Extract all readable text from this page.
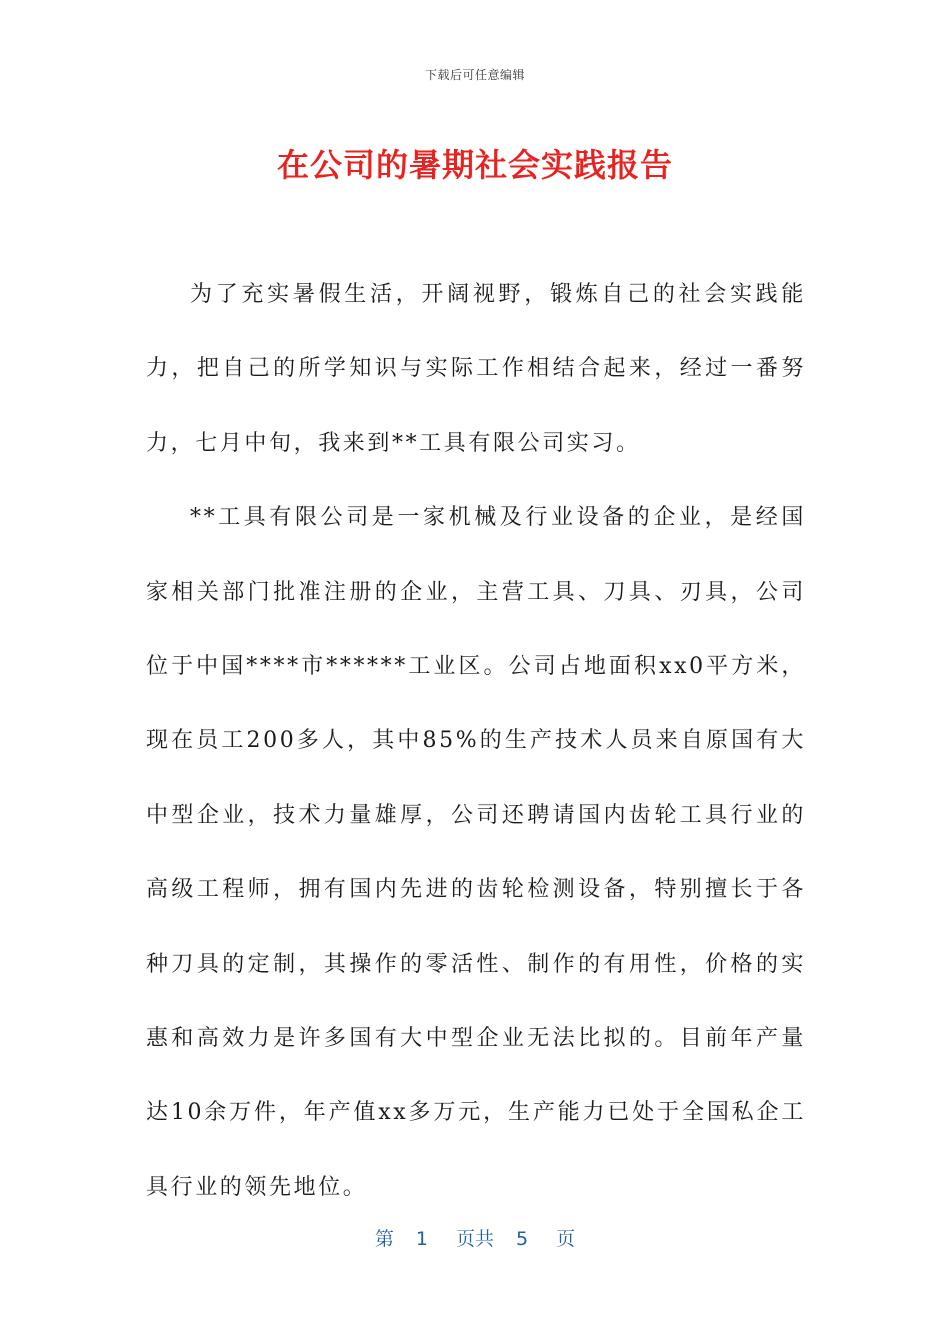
下载后可任意编辑
在公司的暑期社会实践报告

为了充实暑假生活，开阔视野，锻炼自己的社会实践能力，把自己的所学知识与实际工作相结合起来，经过一番努力，七月中旬，我来到**工具有限公司实习。

**工具有限公司是一家机械及行业设备的企业，是经国家相关部门批准注册的企业，主营工具、刀具、刃具，公司位于中国****市******工业区。公司占地面积xx0平方米，现在员工200多人，其中85%的生产技术人员来自原国有大中型企业，技术力量雄厚，公司还聘请国内齿轮工具行业的高级工程师，拥有国内先进的齿轮检测设备，特别擅长于各种刀具的定制，其操作的零活性、制作的有用性，价格的实惠和高效力是许多国有大中型企业无法比拟的。目前年产量达10余万件，年产值xx多万元，生产能力已处于全国私企工具行业的领先地位。

第 1 页共 5 页
